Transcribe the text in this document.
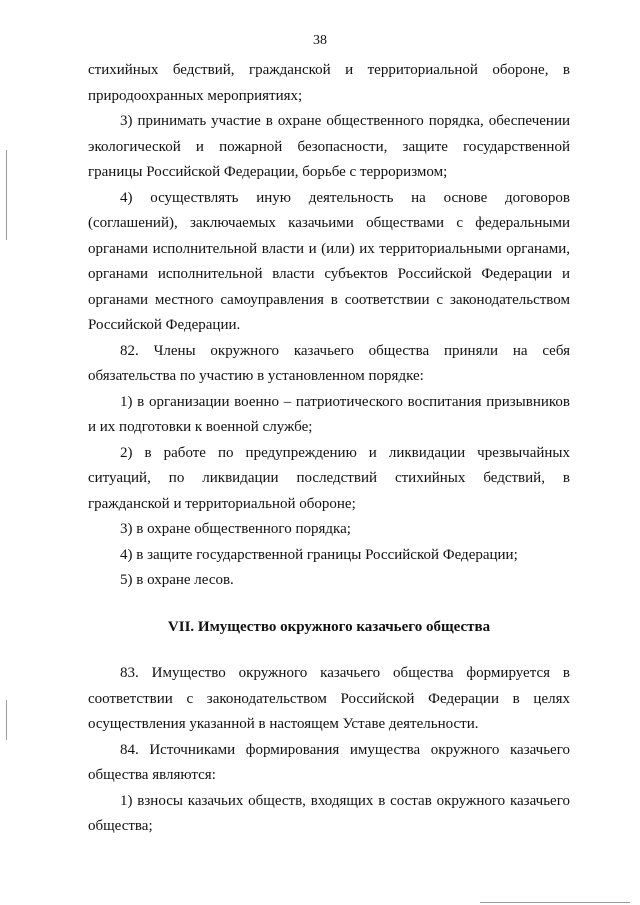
38

стихийных бедствий, гражданской и территориальной обороне, в природоохранных мероприятиях;

3) принимать участие в охране общественного порядка, обеспечении экологической и пожарной безопасности, защите государственной границы Российской Федерации, борьбе с терроризмом;

4) осуществлять иную деятельность на основе договоров (соглашений), заключаемых казачьими обществами с федеральными органами исполнительной власти и (или) их территориальными органами, органами исполнительной власти субъектов Российской Федерации и органами местного самоуправления в соответствии с законодательством Российской Федерации.

82. Члены окружного казачьего общества приняли на себя обязательства по участию в установленном порядке:

1) в организации военно – патриотического воспитания призывников и их подготовки к военной службе;

2) в работе по предупреждению и ликвидации чрезвычайных ситуаций, по ликвидации последствий стихийных бедствий, в гражданской и территориальной обороне;

3) в охране общественного порядка;

4) в защите государственной границы Российской Федерации;

5) в охране лесов.

VII. Имущество окружного казачьего общества

83. Имущество окружного казачьего общества формируется в соответствии с законодательством Российской Федерации в целях осуществления указанной в настоящем Уставе деятельности.

84. Источниками формирования имущества окружного казачьего общества являются:

1) взносы казачьих обществ, входящих в состав окружного казачьего общества;
